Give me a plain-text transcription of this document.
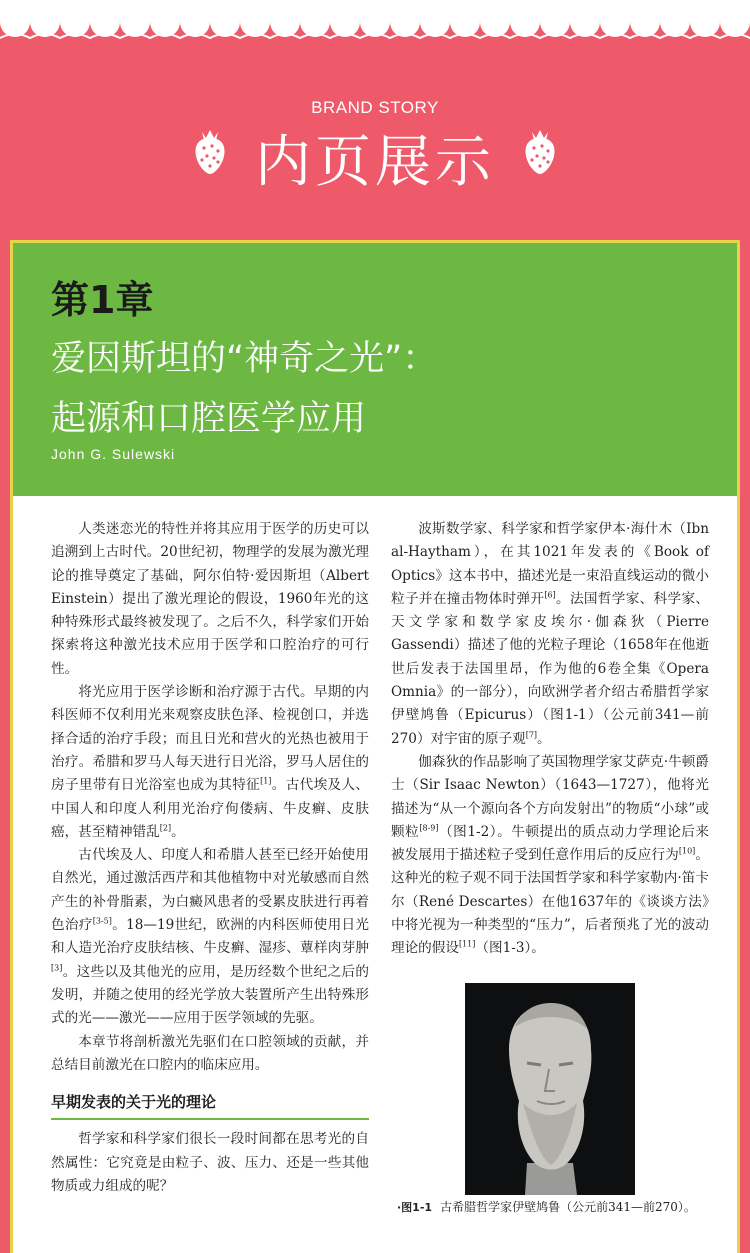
BRAND STORY
内页展示
第1章
爱因斯坦的“神奇之光”：
起源和口腔医学应用
John G. Sulewski

人类迷恋光的特性并将其应用于医学的历史可以追溯到上古时代。20世纪初，物理学的发展为激光理论的推导奠定了基础，阿尔伯特·爱因斯坦（Albert Einstein）提出了激光理论的假设，1960年光的这种特殊形式最终被发现了。之后不久，科学家们开始探索将这种激光技术应用于医学和口腔治疗的可行性。

将光应用于医学诊断和治疗源于古代。早期的内科医师不仅利用光来观察皮肤色泽、检视创口，并选择合适的治疗手段；而且日光和营火的光热也被用于治疗。希腊和罗马人每天进行日光浴，罗马人居住的房子里带有日光浴室也成为其特征[1]。古代埃及人、中国人和印度人利用光治疗佝偻病、牛皮癣、皮肤癌，甚至精神错乱[2]。

古代埃及人、印度人和希腊人甚至已经开始使用自然光，通过激活西芹和其他植物中对光敏感而自然产生的补骨脂素，为白癜风患者的受累皮肤进行再着色治疗[3-5]。18—19世纪，欧洲的内科医师使用日光和人造光治疗皮肤结核、牛皮癣、湿疹、蕈样肉芽肿[3]。这些以及其他光的应用，是历经数个世纪之后的发明，并随之使用的经光学放大装置所产生出特殊形式的光——激光——应用于医学领域的先驱。

本章节将剖析激光先驱们在口腔领域的贡献，并总结目前激光在口腔内的临床应用。

早期发表的关于光的理论

哲学家和科学家们很长一段时间都在思考光的自然属性：它究竟是由粒子、波、压力、还是一些其他物质或力组成的呢？

波斯数学家、科学家和哲学家伊本·海什木（Ibn al-Haytham），在其1021年发表的《Book of Optics》这本书中，描述光是一束沿直线运动的微小粒子并在撞击物体时弹开[6]。法国哲学家、科学家、天文学家和数学家皮埃尔·伽森狄（Pierre Gassendi）描述了他的光粒子理论（1658年在他逝世后发表于法国里昂，作为他的6卷全集《Opera Omnia》的一部分），向欧洲学者介绍古希腊哲学家伊壁鸠鲁（Epicurus）（图1-1）（公元前341—前270）对宇宙的原子观[7]。

伽森狄的作品影响了英国物理学家艾萨克·牛顿爵士（Sir Isaac Newton）（1643—1727），他将光描述为“从一个源向各个方向发射出”的物质“小球”或颗粒[8-9]（图1-2）。牛顿提出的质点动力学理论后来被发展用于描述粒子受到任意作用后的反应行为[10]。这种光的粒子观不同于法国哲学家和科学家勒内·笛卡尔（René Descartes）在他1637年的《谈谈方法》中将光视为一种类型的“压力”，后者预兆了光的波动理论的假设[11]（图1-3）。

·图1-1 古希腊哲学家伊壁鸠鲁（公元前341—前270）。
